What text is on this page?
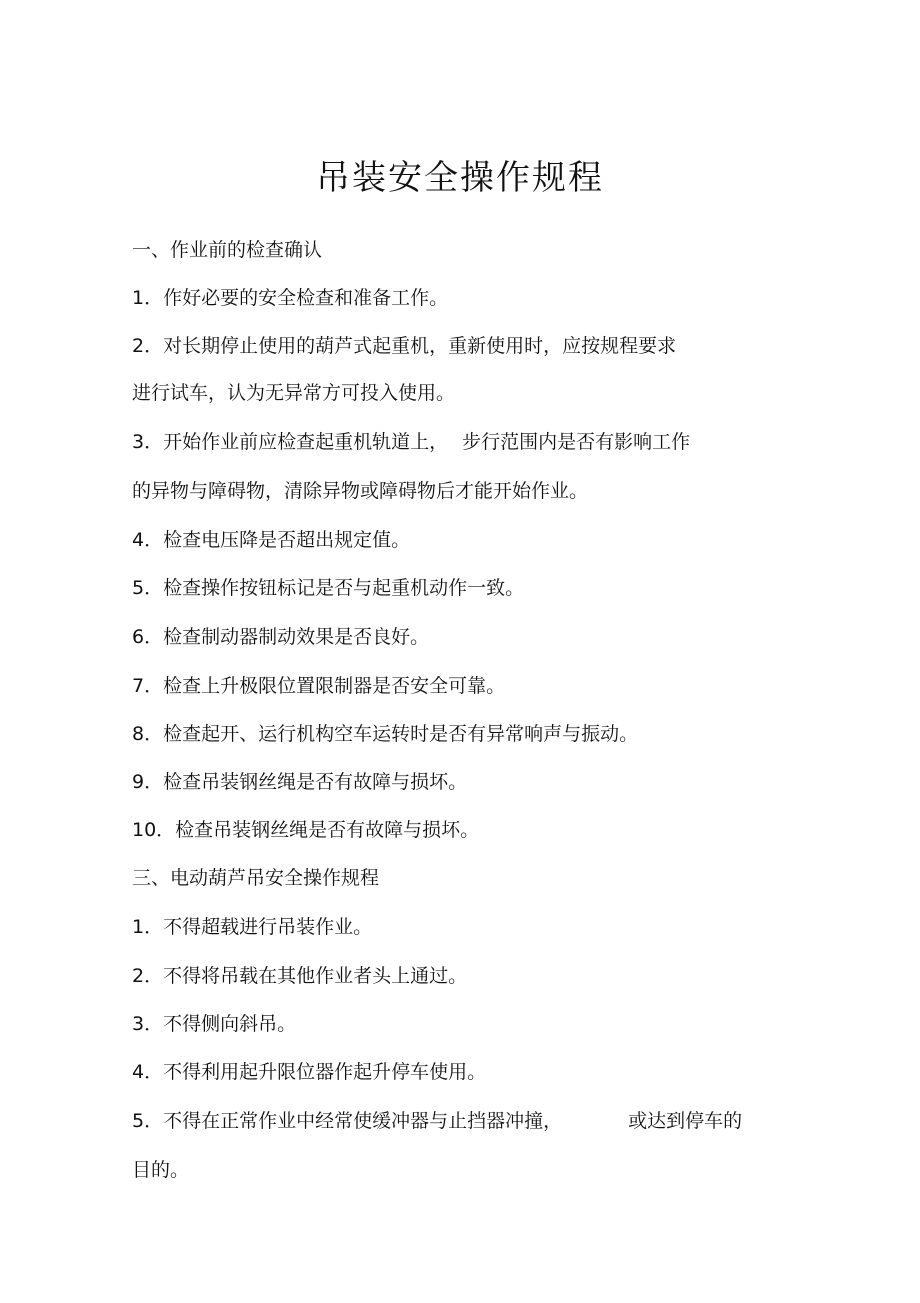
吊装安全操作规程
一、作业前的检查确认
1．作好必要的安全检查和准备工作。
2．对长期停止使用的葫芦式起重机，重新使用时，应按规程要求
进行试车，认为无异常方可投入使用。
3．开始作业前应检查起重机轨道上， 步行范围内是否有影响工作
的异物与障碍物，清除异物或障碍物后才能开始作业。
4．检查电压降是否超出规定值。
5．检查操作按钮标记是否与起重机动作一致。
6．检查制动器制动效果是否良好。
7．检查上升极限位置限制器是否安全可靠。
8．检查起开、运行机构空车运转时是否有异常响声与振动。
9．检查吊装钢丝绳是否有故障与损坏。
10．检查吊装钢丝绳是否有故障与损坏。
三、电动葫芦吊安全操作规程
1．不得超载进行吊装作业。
2．不得将吊载在其他作业者头上通过。
3．不得侧向斜吊。
4．不得利用起升限位器作起升停车使用。
5．不得在正常作业中经常使缓冲器与止挡器冲撞，	或达到停车的
目的。
